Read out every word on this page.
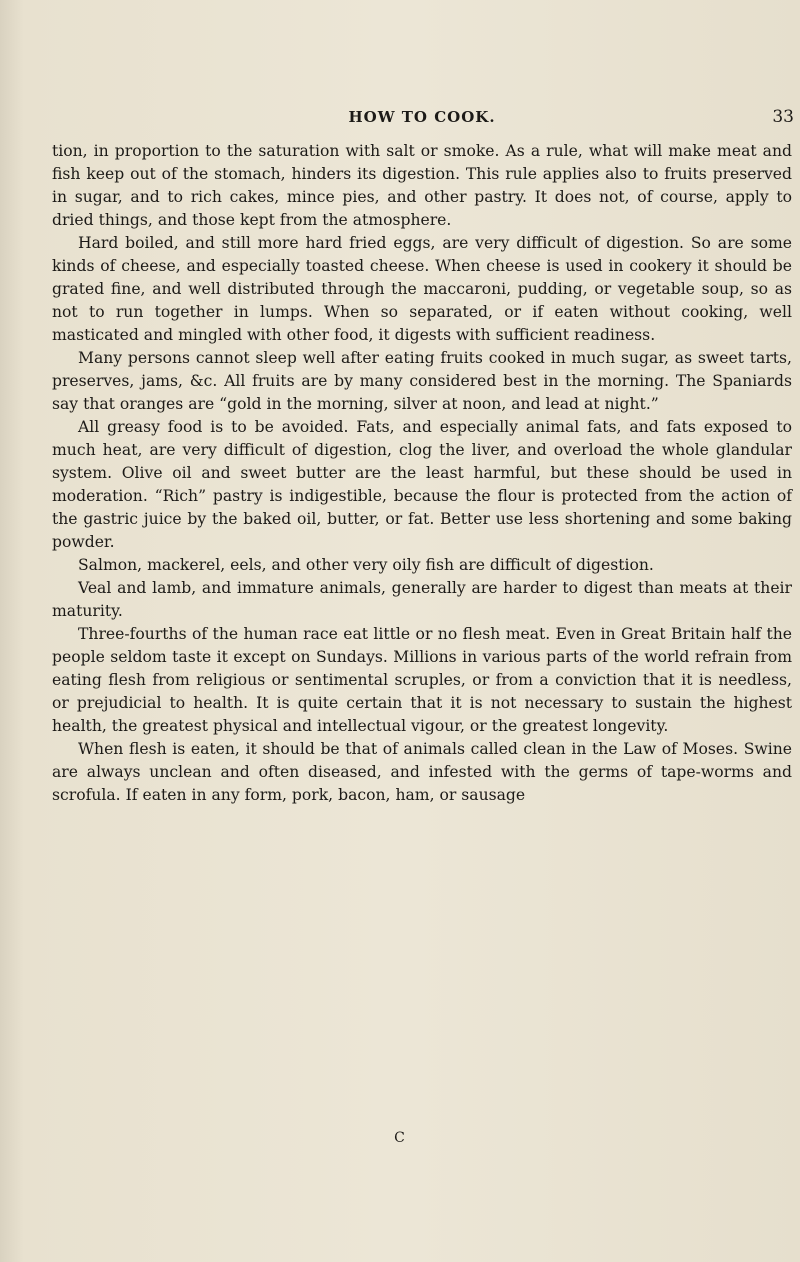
HOW TO COOK.	33

tion, in proportion to the saturation with salt or smoke. As a rule, what will make meat and fish keep out of the stomach, hinders its digestion. This rule applies also to fruits preserved in sugar, and to rich cakes, mince pies, and other pastry. It does not, of course, apply to dried things, and those kept from the atmosphere.

Hard boiled, and still more hard fried eggs, are very difficult of digestion. So are some kinds of cheese, and especially toasted cheese. When cheese is used in cookery it should be grated fine, and well distributed through the maccaroni, pudding, or vegetable soup, so as not to run together in lumps. When so separated, or if eaten without cooking, well masticated and mingled with other food, it digests with sufficient readiness.

Many persons cannot sleep well after eating fruits cooked in much sugar, as sweet tarts, preserves, jams, &c. All fruits are by many considered best in the morning. The Spaniards say that oranges are “gold in the morning, silver at noon, and lead at night.”

All greasy food is to be avoided. Fats, and especially animal fats, and fats exposed to much heat, are very difficult of digestion, clog the liver, and overload the whole glandular system. Olive oil and sweet butter are the least harmful, but these should be used in moderation. “Rich” pastry is indigestible, because the flour is protected from the action of the gastric juice by the baked oil, butter, or fat. Better use less shortening and some baking powder.

Salmon, mackerel, eels, and other very oily fish are difficult of digestion.

Veal and lamb, and immature animals, generally are harder to digest than meats at their maturity.

Three-fourths of the human race eat little or no flesh meat. Even in Great Britain half the people seldom taste it except on Sundays. Millions in various parts of the world refrain from eating flesh from religious or sentimental scruples, or from a conviction that it is needless, or prejudicial to health. It is quite certain that it is not necessary to sustain the highest health, the greatest physical and intellectual vigour, or the greatest longevity.

When flesh is eaten, it should be that of animals called clean in the Law of Moses. Swine are always unclean and often diseased, and infested with the germs of tape-worms and scrofula. If eaten in any form, pork, bacon, ham, or sausage

C
